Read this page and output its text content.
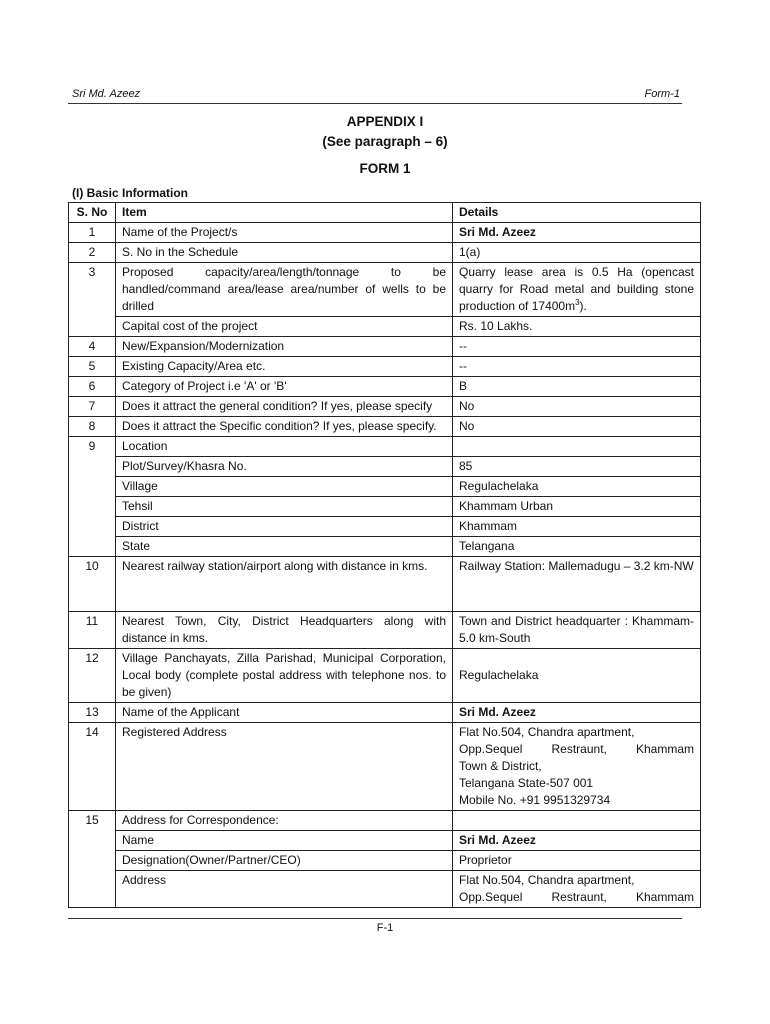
Sri Md. Azeez	Form-1
APPENDIX I
(See paragraph – 6)
FORM 1
(I) Basic Information
S. No	Item	Details
1	Name of the Project/s	Sri Md. Azeez
2	S. No in the Schedule	1(a)
3	Proposed capacity/area/length/tonnage to be handled/command area/lease area/number of wells to be drilled	Quarry lease area is 0.5 Ha (opencast quarry for Road metal and building stone production of $17400m^3$).
	Capital cost of the project	Rs. 10 Lakhs.
4	New/Expansion/Modernization	--
5	Existing Capacity/Area etc.	--
6	Category of Project i.e 'A' or 'B'	B
7	Does it attract the general condition? If yes, please specify	No
8	Does it attract the Specific condition? If yes, please specify.	No
9	Location	
	Plot/Survey/Khasra No.	85
	Village	Regulachelaka
	Tehsil	Khammam Urban
	District	Khammam
	State	Telangana
10	Nearest railway station/airport along with distance in kms.	Railway Station: Mallemadugu – 3.2 km-NW
11	Nearest Town, City, District Headquarters along with distance in kms.	Town and District headquarter : Khammam-5.0 km-South
12	Village Panchayats, Zilla Parishad, Municipal Corporation, Local body (complete postal address with telephone nos. to be given)	Regulachelaka
13	Name of the Applicant	Sri Md. Azeez
14	Registered Address	Flat No.504, Chandra apartment,
Opp.Sequel Restraunt, Khammam
Town & District,
Telangana State-507 001
Mobile No. +91 9951329734

15	Address for Correspondence:	
	Name	Sri Md. Azeez
	Designation(Owner/Partner/CEO)	Proprietor
	Address	Flat No.504, Chandra apartment,
Opp.Sequel Restraunt, Khammam
F-1
